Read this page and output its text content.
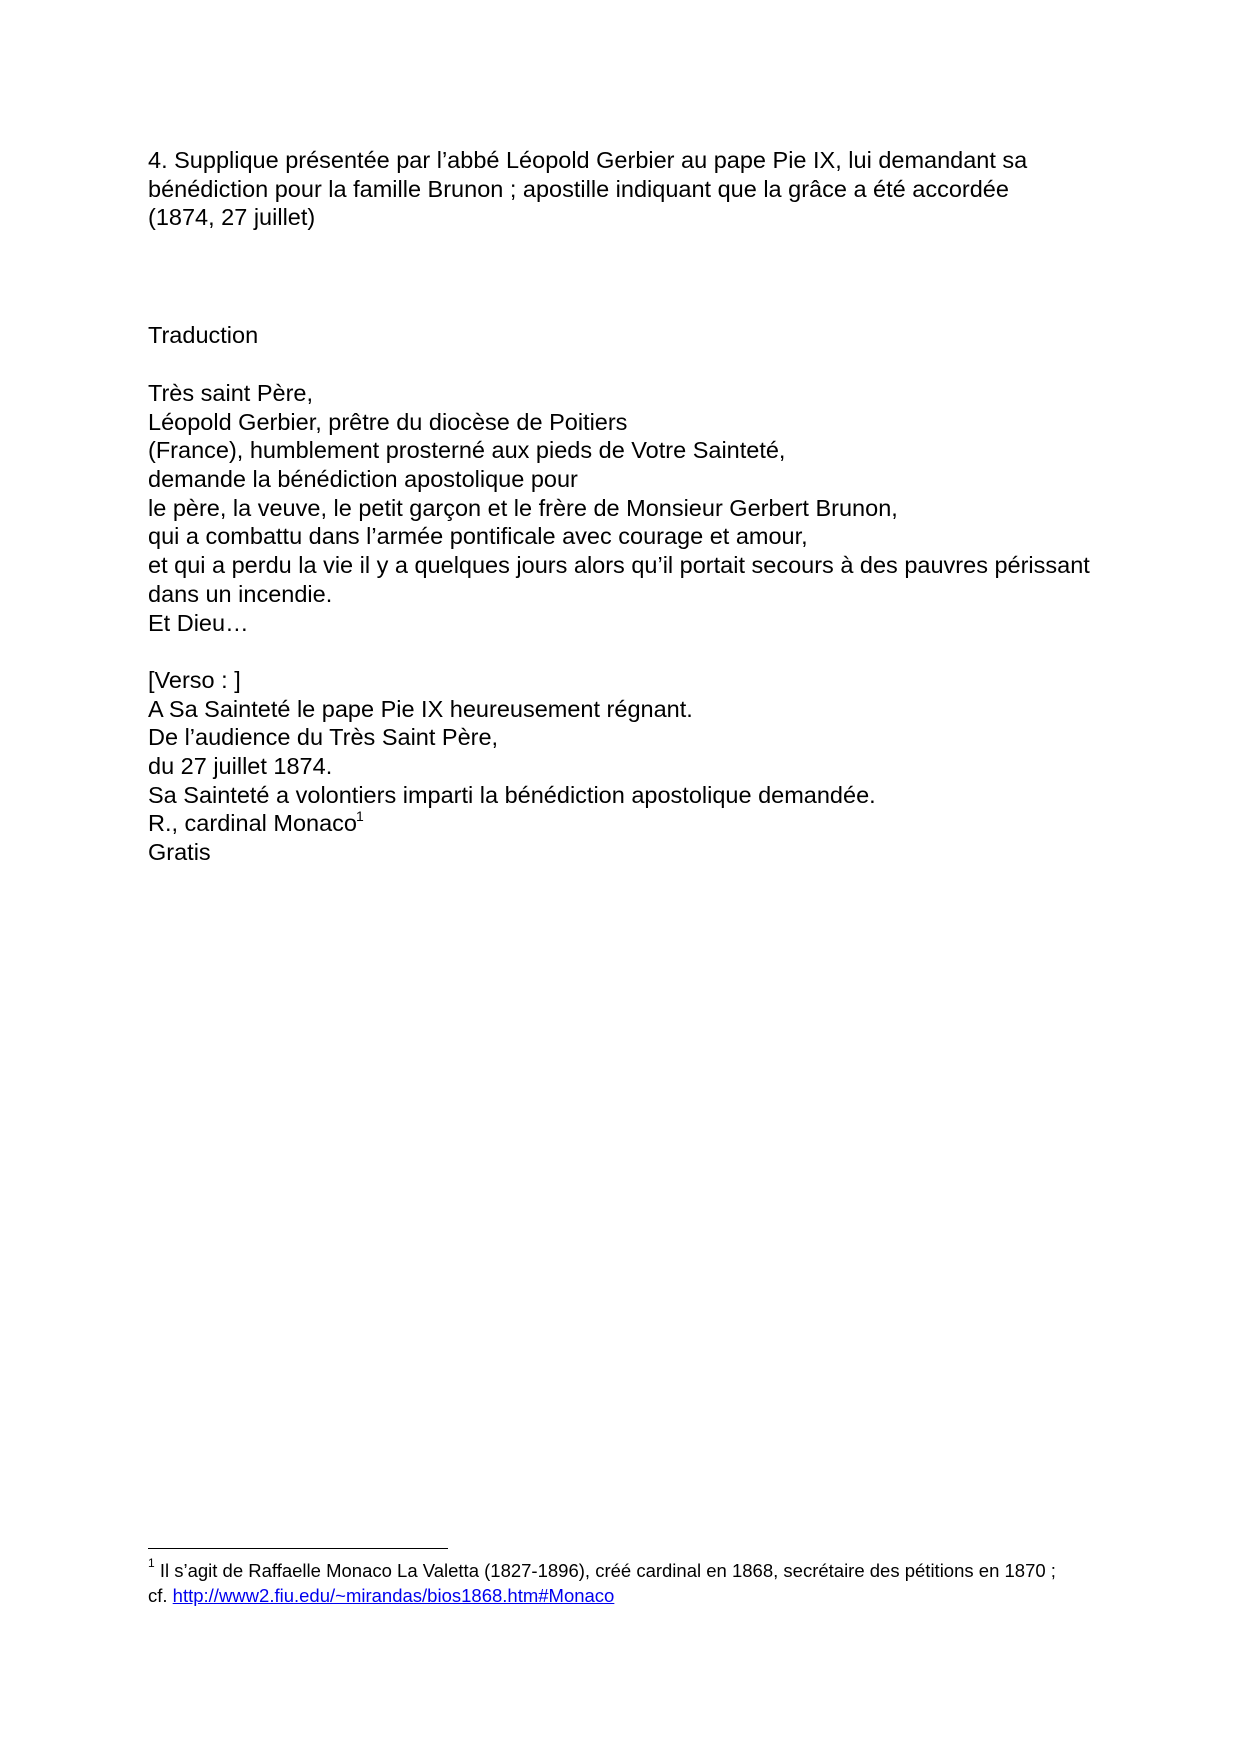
4. Supplique présentée par l’abbé Léopold Gerbier au pape Pie IX, lui demandant sa
bénédiction pour la famille Brunon ; apostille indiquant que la grâce a été accordée
(1874, 27 juillet)
Traduction
Très saint Père,
Léopold Gerbier, prêtre du diocèse de Poitiers
(France), humblement prosterné aux pieds de Votre Sainteté,
demande la bénédiction apostolique pour
le père, la veuve, le petit garçon et le frère de Monsieur Gerbert Brunon,
qui a combattu dans l’armée pontificale avec courage et amour,
et qui a perdu la vie il y a quelques jours alors qu’il portait secours à des pauvres périssant
dans un incendie.
Et Dieu…
[Verso : ]
A Sa Sainteté le pape Pie IX heureusement régnant.
De l’audience du Très Saint Père,
du 27 juillet 1874.
Sa Sainteté a volontiers imparti la bénédiction apostolique demandée.
R., cardinal Monaco$^1$
Gratis
$^1$ Il s’agit de Raffaelle Monaco La Valetta (1827-1896), créé cardinal en 1868, secrétaire des pétitions en 1870 ;
cf. http://www2.fiu.edu/~mirandas/bios1868.htm#Monaco
